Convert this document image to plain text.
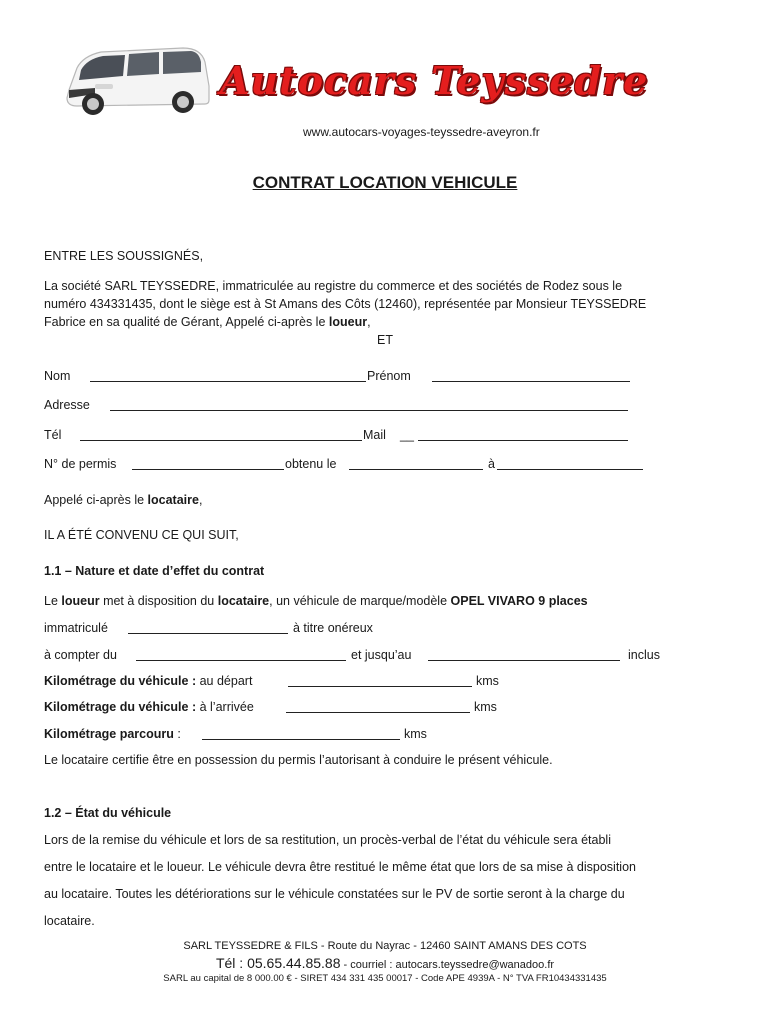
Autocars Teyssedre
www.autocars-voyages-teyssedre-aveyron.fr
CONTRAT LOCATION VEHICULE
ENTRE LES SOUSSIGNÉS,
La société SARL TEYSSEDRE, immatriculée au registre du commerce et des sociétés de Rodez sous le
numéro 434331435, dont le siège est à St Amans des Côts (12460), représentée par Monsieur TEYSSEDRE
Fabrice en sa qualité de Gérant, Appelé ci-après le loueur,
ET
Nom	Prénom
Adresse
Tél	Mail __
N° de permis	obtenu le	à
Appelé ci-après le locataire,
IL A ÉTÉ CONVENU CE QUI SUIT,
1.1 – Nature et date d’effet du contrat
Le loueur met à disposition du locataire, un véhicule de marque/modèle OPEL VIVARO 9 places
immatriculé	à titre onéreux
à compter du	et jusqu’au	inclus
Kilométrage du véhicule : au départ	kms
Kilométrage du véhicule : à l’arrivée	kms
Kilométrage parcouru :	kms
Le locataire certifie être en possession du permis l’autorisant à conduire le présent véhicule.
1.2 – État du véhicule
Lors de la remise du véhicule et lors de sa restitution, un procès-verbal de l’état du véhicule sera établi
entre le locataire et le loueur. Le véhicule devra être restitué le même état que lors de sa mise à disposition
au locataire. Toutes les détériorations sur le véhicule constatées sur le PV de sortie seront à la charge du
locataire.
SARL TEYSSEDRE & FILS - Route du Nayrac - 12460 SAINT AMANS DES COTS
Tél : 05.65.44.85.88 - courriel : autocars.teyssedre@wanadoo.fr
SARL au capital de 8 000.00 € - SIRET 434 331 435 00017 - Code APE 4939A - N° TVA FR10434331435
